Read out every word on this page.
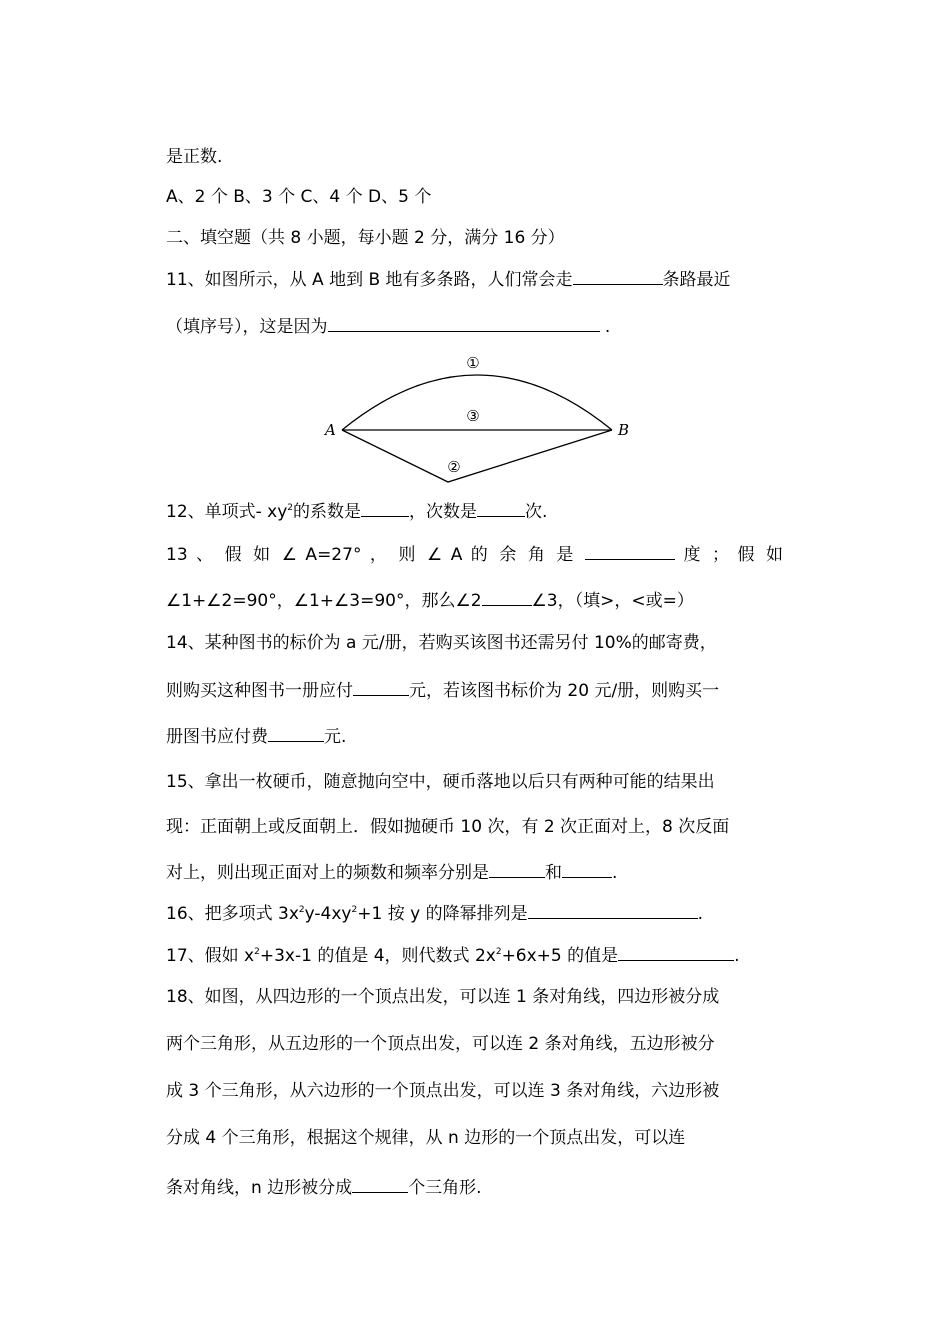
是正数.
A、2 个 B、3 个 C、4 个 D、5 个
二、填空题（共 8 小题，每小题 2 分，满分 16 分）
11、如图所示，从 A 地到 B 地有多条路，人们常会走	条路最近
（填序号），这是因为	.
A	B
①
③
②
12、单项式- $xy^2$的系数是	，次数是	次.
13 、 假 如 ∠ A=27° ， 则 ∠ A 的 余 角 是	度 ； 假 如
∠1+∠2=90°，∠1+∠3=90°，那么∠2	∠3，（填>，<或=）
14、某种图书的标价为 a 元/册，若购买该图书还需另付 10%的邮寄费，
则购买这种图书一册应付	元，若该图书标价为 20 元/册，则购买一
册图书应付费	元.
15、拿出一枚硬币，随意抛向空中，硬币落地以后只有两种可能的结果出
现：正面朝上或反面朝上．假如抛硬币 10 次，有 2 次正面对上，8 次反面
对上，则出现正面对上的频数和频率分别是	和	.
16、把多项式 $3x^2y-4xy^2+1$ 按 y 的降幂排列是	.
17、假如 $x^2+3x-1$ 的值是 4，则代数式 $2x^2+6x+5$ 的值是	.
18、如图，从四边形的一个顶点出发，可以连 1 条对角线，四边形被分成
两个三角形，从五边形的一个顶点出发，可以连 2 条对角线，五边形被分
成 3 个三角形，从六边形的一个顶点出发，可以连 3 条对角线，六边形被
分成 4 个三角形，根据这个规律，从 n 边形的一个顶点出发，可以连
条对角线，n 边形被分成	个三角形.
